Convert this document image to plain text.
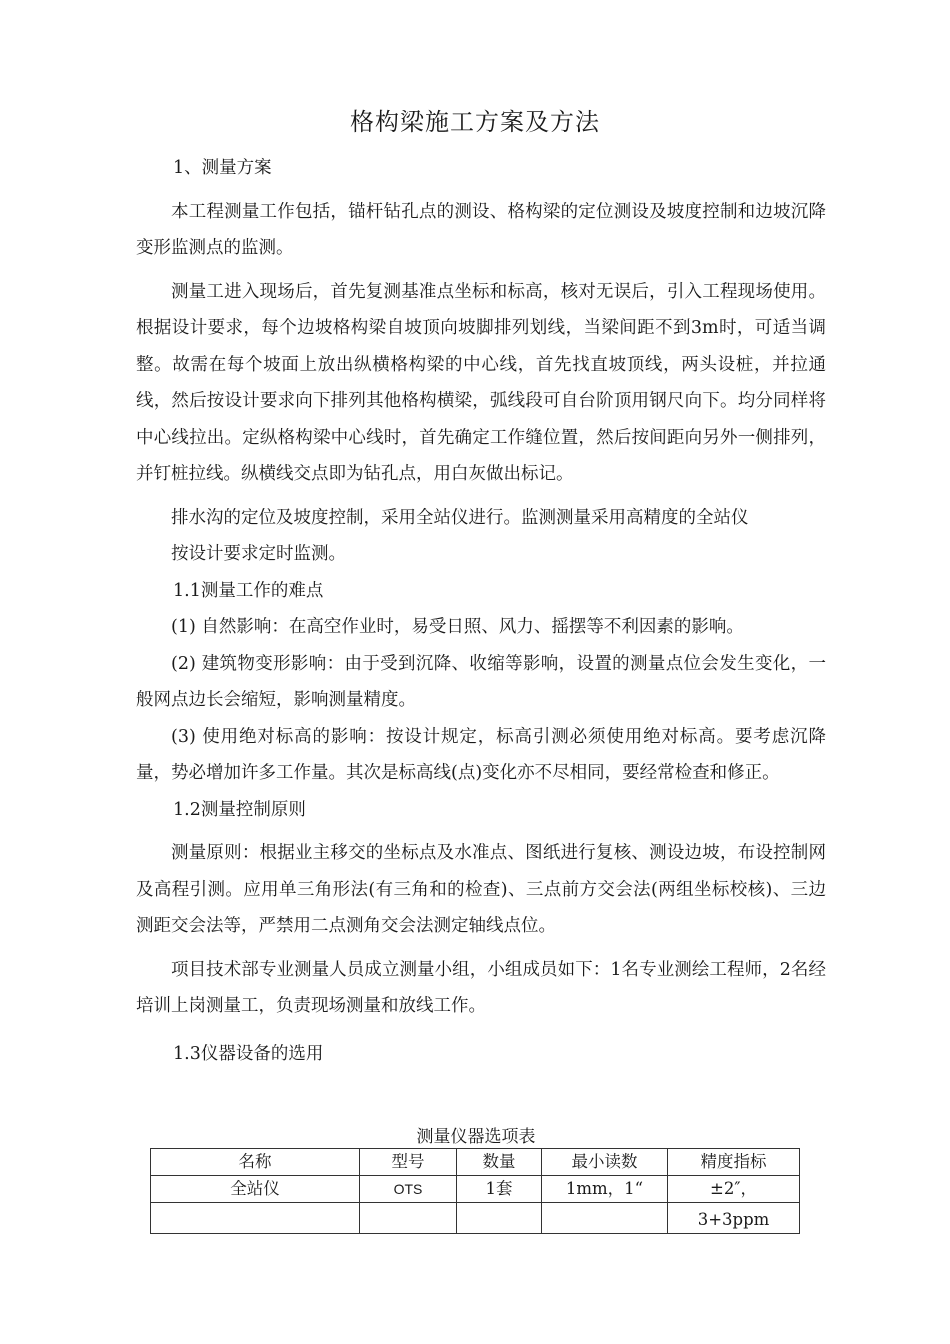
格构梁施工方案及方法

1、测量方案

本工程测量工作包括，锚杆钻孔点的测设、格构梁的定位测设及坡度控制和边坡沉降变形监测点的监测。

测量工进入现场后，首先复测基准点坐标和标高，核对无误后，引入工程现场使用。根据设计要求，每个边坡格构梁自坡顶向坡脚排列划线，当梁间距不到3m时，可适当调整。故需在每个坡面上放出纵横格构梁的中心线，首先找直坡顶线，两头设桩，并拉通线，然后按设计要求向下排列其他格构横梁，弧线段可自台阶顶用钢尺向下。均分同样将中心线拉出。定纵格构梁中心线时，首先确定工作缝位置，然后按间距向另外一侧排列，并钉桩拉线。纵横线交点即为钻孔点，用白灰做出标记。

排水沟的定位及坡度控制，采用全站仪进行。监测测量采用高精度的全站仪

按设计要求定时监测。

1.1测量工作的难点

(1) 自然影响：在高空作业时，易受日照、风力、摇摆等不利因素的影响。

(2) 建筑物变形影响：由于受到沉降、收缩等影响，设置的测量点位会发生变化，一般网点边长会缩短，影响测量精度。

(3) 使用绝对标高的影响：按设计规定，标高引测必须使用绝对标高。要考虑沉降量，势必增加许多工作量。其次是标高线(点)变化亦不尽相同，要经常检查和修正。

1.2测量控制原则

测量原则：根据业主移交的坐标点及水准点、图纸进行复核、测设边坡，布设控制网及高程引测。应用单三角形法(有三角和的检查)、三点前方交会法(两组坐标校核)、三边测距交会法等，严禁用二点测角交会法测定轴线点位。

项目技术部专业测量人员成立测量小组，小组成员如下：1名专业测绘工程师，2名经培训上岗测量工，负责现场测量和放线工作。

1.3仪器设备的选用

测量仪器选项表
名称	型号	数量	最小读数	精度指标
全站仪	OTS	1套	1mm，1“	±2″，
				3+3ppm
